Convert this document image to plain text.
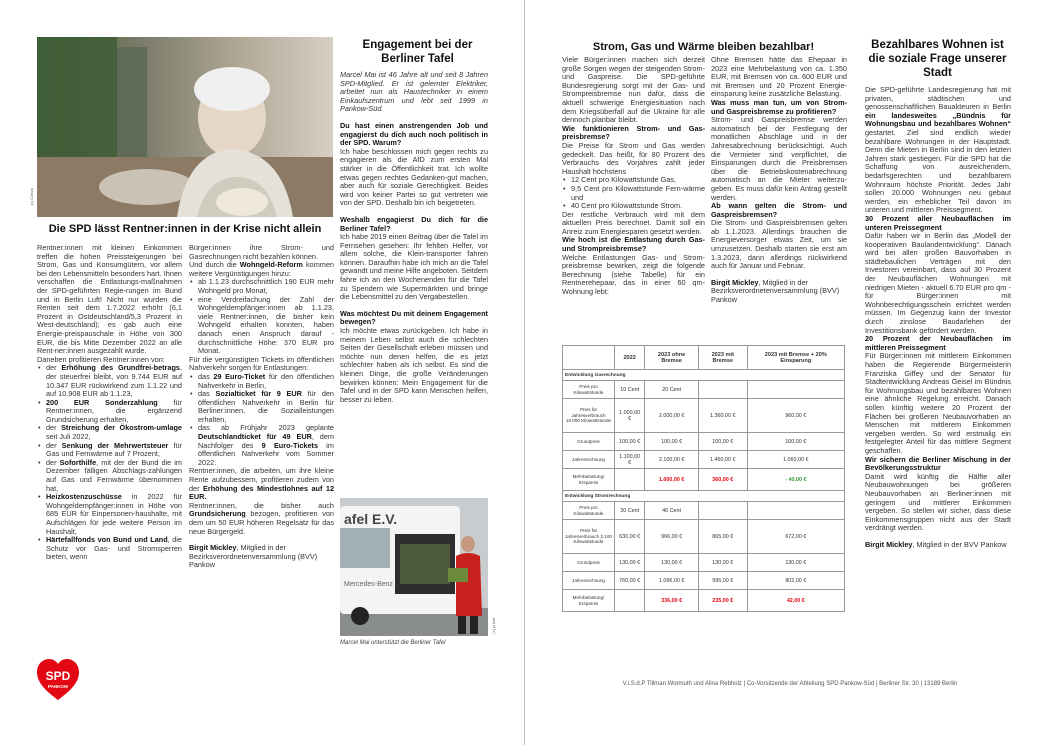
(c) Canva
Die SPD lässt Rentner:innen in der Krise nicht allein

Rentner:innen mit kleinen Einkommen treffen die hohen Preissteigerungen bei Strom, Gas und Konsumgütern, vor allem bei den Lebensmitteln besonders hart. Ihnen verschaffen die Entlastungs-maßnahmen der SPD-geführten Regie-rungen im Bund und in Berlin Luft! Nicht nur wurden die Renten seit dem 1.7.2022 erhöht (6,1 Prozent in Ostdeutschland/5,3 Prozent in West-deutschland); es gab auch eine Energie-preispauschale in Höhe von 300 EUR, die bis Mitte Dezember 2022 an alle Rent-ner:innen ausgezahlt wurde.

Daneben profitieren Rentner:innen von:

• der Erhöhung des Grundfrei-betrags, der steuerfrei bleibt, von 9.744 EUR auf 10.347 EUR rückwirkend zum 1.1.22 und auf 10.908 EUR ab 1.1.23,
• 200 EUR Sonderzahlung für Rentner:innen, die ergänzend Grundsicherung erhalten,
• der Streichung der Ökostrom-umlage seit Juli 2022,
• der Senkung der Mehrwertsteuer für Gas und Fernwärme auf 7 Prozent,
• der Soforthilfe, mit der der Bund die im Dezember fälligen Abschlags-zahlungen auf Gas und Fernwärme übernommen hat,
• Heizkostenzuschüsse in 2022 für Wohngeldempfänger:innen in Höhe von 685 EUR für Einpersonen-haushalte, mit Aufschlägen für jede weitere Person im Haushalt,
• Härtefallfonds von Bund und Land, die Schutz vor Gas- und Stromsperren bieten, wenn

Bürger:innen ihre Strom- und Gasrechnungen nicht bezahlen können.

Und durch die Wohngeld-Reform kommen weitere Vergünstigungen hinzu:

• ab 1.1.23 durchschnittlich 190 EUR mehr Wohngeld pro Monat,
• eine Verdreifachung der Zahl der Wohngeldempfänger:innen ab 1.1.23, viele Rentner:innen, die bisher kein Wohngeld erhalten konnten, haben danach einen Anspruch darauf - durchschnittliche Höhe: 370 EUR pro Monat.

Für die vergünstigten Tickets im öffentlichen Nahverkehr sorgen für Entlastungen:

• das 29 Euro-Ticket für den öffentlichen Nahverkehr in Berlin,
• das Sozialticket für 9 EUR für den öffentlichen Nahverkehr in Berlin für Berliner:innen, die Sozialleistungen erhalten,
• das ab Frühjahr 2023 geplante Deutschlandticket für 49 EUR, dem Nachfolger des 9 Euro-Tickets im öffentlichen Nahverkehr vom Sommer 2022.

Rentner:innen, die arbeiten, um ihre kleine Rente aufzubessern, profitieren zudem von der Erhöhung des Mindestlohnes auf 12 EUR.

Rentner:innen, die bisher auch Grundsicherung bezogen, profitieren von dem um 50 EUR höheren Regelsatz für das neue Bürgergeld.

Birgit Mickley, Mitglied in der Bezirksverordnetenversammlung (BVV) Pankow

Engagement bei der Berliner Tafel

Marcel Mai ist 46 Jahre alt und seit 8 Jahren SPD-Mitglied. Er ist gelernter Elektriker, arbeitet nun als Haustechniker in einem Einkaufszentrum und lebt seit 1999 in Pankow-Süd.

Du hast einen anstrengenden Job und engagierst du dich auch noch politisch in der SPD. Warum?

Ich habe beschlossen mich gegen rechts zu engagieren als die AfD zum ersten Mal stärker in die Öffentlichkeit trat. Ich wollte etwas gegen rechtes Gedanken-gut machen, aber auch für soziale Gerechtigkeit. Beides wird von keiner Partei so gut vertreten wie von der SPD. Deshalb bin ich beigetreten.

Weshalb engagierst Du dich für die Berliner Tafel?

Ich habe 2019 einen Beitrag über die Tafel im Fernsehen gesehen: Ihr fehlten Helfer, vor allem solche, die Klein-transporter fahren können. Daraufhin habe ich mich an die Tafel gewandt und meine Hilfe angeboten. Seitdem fahre ich an den Wochenenden für die Tafel zu Spendern wie Supermärkten und bringe die Lebensmittel zu den Vergabestellen.

Was möchtest Du mit deinem Engagement bewegen?

Ich möchte etwas zurückgeben. Ich habe in meinem Leben selbst auch die schlechten Seiten der Gesellschaft erleben müssen und möchte nun denen helfen, die es jetzt schlechter haben als ich selbst. Es sind die kleinen Dinge, die große Veränderungen bewirken können: Mein Engagement für die Tafel und in der SPD kann Menschen helfen, besser zu leben.

afel E.V.
Mercedes-Benz
(c) privat
Marcel Mai unterstützt die Berliner Tafel
SPD
PANKOW
Strom, Gas und Wärme bleiben bezahlbar!

Viele Bürger:innen machen sich derzeit große Sorgen wegen der steigenden Strom- und Gaspreise. Die SPD-geführte Bundesregierung sorgt mit der Gas- und Strompreisbremse nun dafür, dass die aktuell schwierige Energiesituation nach dem Kriegsüberfall auf die Ukraine für alle dennoch planbar bleibt.

Wie funktionieren Strom- und Gas-preisbremse?

Die Preise für Strom und Gas werden gedeckelt. Das heißt, für 80 Prozent des Verbrauchs des Vorjahres zahlt jeder Haushalt höchstens

• 12 Cent pro Kilowattstunde Gas,
• 9,5 Cent pro Kilowattstunde Fern-wärme und
• 40 Cent pro Kilowattstunde Strom.

Der restliche Verbrauch wird mit dem aktuellen Preis berechnet. Damit soll ein Anreiz zum Energiesparen gesetzt werden.

Wie hoch ist die Entlastung durch Gas- und Strompreisbremse?

Welche Entlastungen Gas- und Strom-preisbremse bewirken, zeigt die folgende Berechnung (siehe Tabelle) für ein Rentnerehepaar, das in einer 60 qm-Wohnung lebt:

Ohne Bremsen hätte das Ehepaar in 2023 eine Mehrbelastung von ca. 1.350 EUR, mit Bremsen von ca. 600 EUR und mit Bremsen und 20 Prozent Energie-einsparung keine zusätzliche Belastung.

Was muss man tun, um von Strom- und Gaspreisbremse zu profitieren?

Strom- und Gaspreisbremse werden automatisch bei der Festlegung der monatlichen Abschläge und in der Jahresabrechnung berücksichtigt. Auch die Vermieter sind verpflichtet, die Einsparungen durch die Preisbremsen über die Betriebskostenabrechnung automatisch an die Mieter weiterzu-geben. Es muss dafür kein Antrag gestellt werden.

Ab wann gelten die Strom- und Gaspreisbremsen?

Die Strom- und Gaspreisbremsen gelten ab 1.1.2023. Allerdings brauchen die Energieversorger etwas Zeit, um sie umzusetzen. Deshalb starten sie erst am 1.3.2023, dann allerdings rückwirkend auch für Januar und Februar.

Birgit Mickley, Mitglied in der Bezirksverordnetenversammlung (BVV) Pankow

	2022	2023 ohne Bremse	2023 mit Bremse	2023 mit Bremse + 20% Einsparung
Entwicklung Gasrechnung				
Preis pro Kilowattstunde	10 Cent	20 Cent		
Preis für Jahresverbrauch 10.000 Kilowattstunde	1.000,00 €	2.000,00 €	1.360,00 €	960,00 €
Grundpreis	100,00 €	100,00 €	100,00 €	100,00 €
Jahresrechnung	1.100,00 €	2.100,00 €	1.460,00 €	1.060,00 €
Mehrbelastung/ Ersparnis		1.000,00 €	360,00 €	- 40,00 €
Entwicklung Stromrechnung				
Preis pro Kilowattstunde	30 Cent	46 Cent		
Preis für Jahresverbrauch 2.100 Kilowattstunde	630,00 €	966,00 €	865,00 €	672,00 €
Grundpreis	130,00 €	130,00 €	130,00 €	130,00 €
Jahresrechnung	760,00 €	1.096,00 €	995,00 €	802,00 €
Mehrbelastung/ Ersparnis		336,00 €	235,00 €	42,00 €
Bezahlbares Wohnen ist die soziale Frage unserer Stadt

Die SPD-geführte Landesregierung hat mit privaten, städtischen und genossenschaftlichen Bauakteuren in Berlin ein landesweites „Bündnis für Wohnungsbau und bezahlbares Wohnen“ gestartet. Ziel sind endlich wieder bezahlbare Wohnungen in der Hauptstadt. Denn die Mieten in Berlin sind in den letzten Jahren stark gestiegen. Für die SPD hat die Schaffung von ausreichendem, bedarfsgerechten und bezahlbarem Wohnraum höchste Priorität. Jedes Jahr sollen 20.000 Wohnungen neu gebaut werden, ein erheblicher Teil davon im unteren und mittleren Preissegment.

30 Prozent aller Neubauflächen im unteren Preissegment

Dafür haben wir in Berlin das „Modell der kooperativen Baulandentwicklung“. Danach wird bei allen großen Bauvorhaben in städtebaulichen Verträgen mit den Investoren vereinbart, dass auf 30 Prozent der Neubauflächen Wohnungen mit niedrigen Mieten - aktuell 6.70 EUR pro qm - für Bürger:innen mit Wohnberechtigungsschein errichtet werden müssen. Im Gegenzug kann der Investor durch zinslose Baudarlehen der Investitionsbank gefördert werden.

20 Prozent der Neubauflächen im mittleren Preissegment

Für Bürger:innen mit mittlerem Einkommen haben die Regierende Bürgermeisterin Franziska Giffey und der Senator für Stadtentwicklung Andreas Geisel im Bündnis für Wohnungsbau und bezahlbares Wohnen eine ähnliche Regelung erreicht. Danach sollen künftig weitere 20 Prozent der Flächen bei großeren Neubauvorhaben an Menschen mit mittlerem Einkommen vergeben werden. So wird erstmalig ein festgelegter Anteil für das mittlere Segment geschaffen.

Wir sichern die Berliner Mischung in der Bevölkerungsstruktur

Damit wird künftig die Hälfte aller Neubauwohnungen bei größeren Neubauvorhaben an Berliner:innen mit geringem und mittlerer Einkommen vergeben. So stellen wir sicher, dass diese Einkommensgruppen nicht aus der Stadt verdrängt werden.

Birgit Mickley, Mitglied in der BVV Pankow

V.i.S.d.P Tillman Wormuth und Alina Rebholz | Co-Vorsitzende der Abteilung SPD Pankow-Süd | Berliner Str. 30 | 13189 Berlin
